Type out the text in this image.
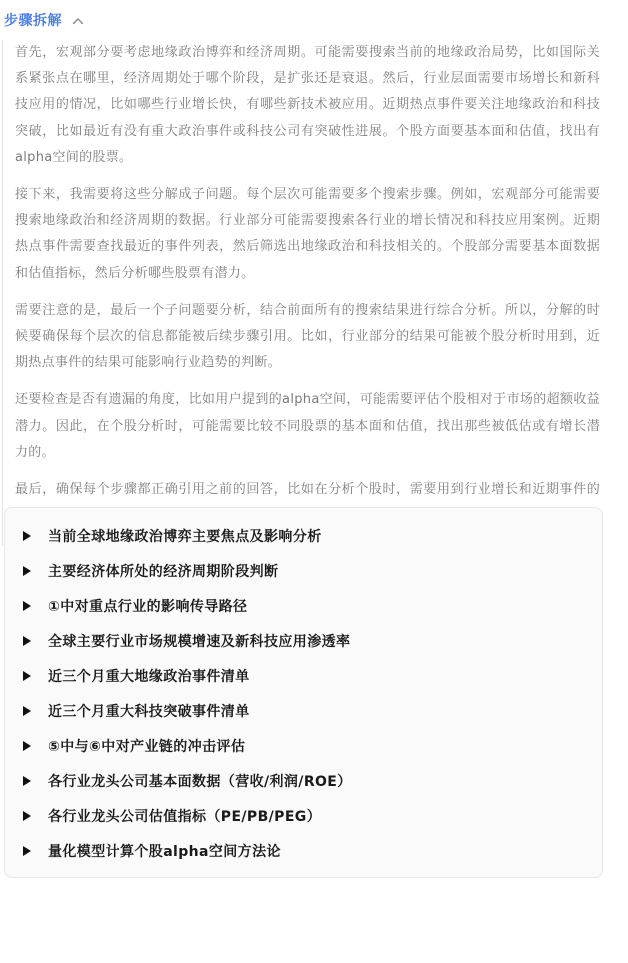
步骤拆解

首先，宏观部分要考虑地缘政治博弈和经济周期。可能需要搜索当前的地缘政治局势，比如国际关系紧张点在哪里，经济周期处于哪个阶段，是扩张还是衰退。然后，行业层面需要市场增长和新科技应用的情况，比如哪些行业增长快，有哪些新技术被应用。近期热点事件要关注地缘政治和科技突破，比如最近有没有重大政治事件或科技公司有突破性进展。个股方面要基本面和估值，找出有alpha空间的股票。

接下来，我需要将这些分解成子问题。每个层次可能需要多个搜索步骤。例如，宏观部分可能需要搜索地缘政治和经济周期的数据。行业部分可能需要搜索各行业的增长情况和科技应用案例。近期热点事件需要查找最近的事件列表，然后筛选出地缘政治和科技相关的。个股部分需要基本面数据和估值指标，然后分析哪些股票有潜力。

需要注意的是，最后一个子问题要分析，结合前面所有的搜索结果进行综合分析。所以，分解的时候要确保每个层次的信息都能被后续步骤引用。比如，行业部分的结果可能被个股分析时用到，近期热点事件的结果可能影响行业趋势的判断。

还要检查是否有遗漏的角度，比如用户提到的alpha空间，可能需要评估个股相对于市场的超额收益潜力。因此，在个股分析时，可能需要比较不同股票的基本面和估值，找出那些被低估或有增长潜力的。

最后，确保每个步骤都正确引用之前的回答，比如在分析个股时，需要用到行业增长和近期事件的

当前全球地缘政治博弈主要焦点及影响分析
主要经济体所处的经济周期阶段判断
①中对重点行业的影响传导路径
全球主要行业市场规模增速及新科技应用渗透率
近三个月重大地缘政治事件清单
近三个月重大科技突破事件清单
⑤中与⑥中对产业链的冲击评估
各行业龙头公司基本面数据（营收/利润/ROE）
各行业龙头公司估值指标（PE/PB/PEG）
量化模型计算个股alpha空间方法论
